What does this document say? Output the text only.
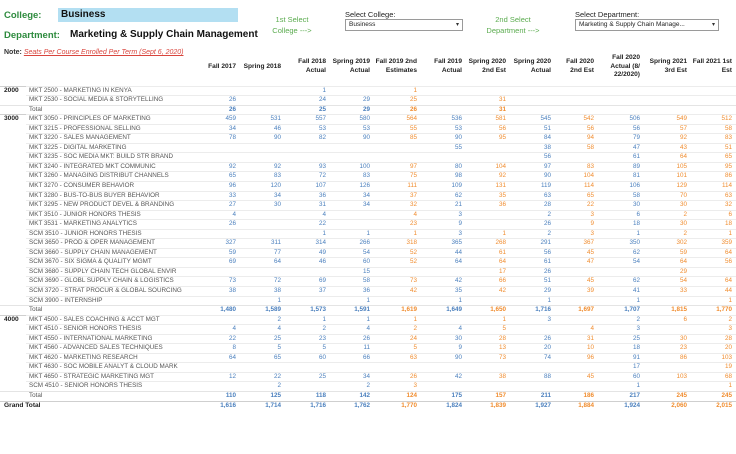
College:	Business
Department: Marketing & Supply Chain Management
1st Select
College --->
Select College:
Business	▾
2nd Select
Department --->
Select Department:
Marketing & Supply Chain Manage...	▾
Note: Seats Per Course Enrolled Per Term (Sept 6, 2020)
		Fall 2017	Spring 2018	Fall 2018 Actual	Spring 2019 Actual	Fall 2019 2nd Estimates	Fall 2019 Actual	Spring 2020 2nd Est	Spring 2020 Actual	Fall 2020 2nd Est	Fall 2020 Actual (8/ 22/2020)	Spring 2021 3rd Est	Fall 2021 1st Est
2000	MKT 2500 - MARKETING IN KENYA			1		1							
	MKT 2530 - SOCIAL MEDIA & STORYTELLING	26		24	29	25		31					
	Total	26		25	29	26		31					
3000	MKT 3050 - PRINCIPLES OF MARKETING	459	531	557	580	564	536	581	545	542	506	549	512
	MKT 3215 - PROFESSIONAL SELLING	34	46	53	53	55	53	56	51	56	56	57	58
	MKT 3220 - SALES MANAGEMENT	78	90	82	90	85	90	95	84	94	79	92	83
	MKT 3225 - DIGITAL MARKETING						55		38	58	47	43	51
	MKT 3235 - SOC MEDIA MKT: BUILD STR BRAND								56		61	64	65
	MKT 3240 - INTEGRATED MKT COMMUNIC	92	92	93	100	97	80	104	97	83	89	105	95
	MKT 3260 - MANAGING DISTRIBUT CHANNELS	65	83	72	83	75	98	92	90	104	81	101	86
	MKT 3270 - CONSUMER BEHAVIOR	96	120	107	126	111	109	131	119	114	106	129	114
	MKT 3280 - BUS-TO-BUS BUYER BEHAVIOR	33	34	36	34	37	62	35	63	65	58	70	63
	MKT 3295 - NEW PRODUCT DEVEL & BRANDING	27	30	31	34	32	21	36	28	22	30	30	32
	MKT 3510 - JUNIOR HONORS THESIS	4		4		4	3		2	3	6	2	6
	MKT 3531 - MARKETING ANALYTICS	26		22		23	9		26	9	18	30	18
	SCM 3510 - JUNIOR HONORS THESIS			1	1	1	3	1	2	3	1	2	1
	SCM 3650 - PROD & OPER MANAGEMENT	327	311	314	266	318	365	268	291	367	350	302	359
	SCM 3660 - SUPPLY CHAIN MANAGEMENT	59	77	49	54	52	44	61	56	45	62	59	64
	SCM 3670 - SIX SIGMA & QUALITY MGMT	69	64	46	60	52	64	64	61	47	54	64	56
	SCM 3680 - SUPPLY CHAIN TECH GLOBAL ENVIR				15			17	26			29	
	SCM 3690 - GLOBL SUPPLY CHAIN & LOGISTICS	73	72	69	58	73	42	66	51	45	62	54	64
	SCM 3720 - STRAT PROCUR & GLOBAL SOURCING	38	38	37	36	42	35	42	29	39	41	33	44
	SCM 3900 - INTERNSHIP		1		1		1		1		1		1
	Total	1,480	1,589	1,573	1,591	1,619	1,649	1,650	1,716	1,697	1,707	1,815	1,770
4000	MKT 4500 - SALES COACHING & ACCT MGT		2	1	1	1		1	3		2	6	2
	MKT 4510 - SENIOR HONORS THESIS	4	4	2	4	2	4	5		4	3		3
	MKT 4550 - INTERNATIONAL MARKETING	22	25	23	26	24	30	28	26	31	25	30	28
	MKT 4560 - ADVANCED SALES TECHNIQUES	8	5	5	11	5	9	13	20	10	18	23	20
	MKT 4620 - MARKETING RESEARCH	64	65	60	66	63	90	73	74	96	91	86	103
	MKT 4630 - SOC MOBILE ANALYT & CLOUD MARK										17		19
	MKT 4650 - STRATEGIC MARKETING MGT	12	22	25	34	26	42	38	88	45	60	103	68
	SCM 4510 - SENIOR HONORS THESIS		2		2	3					1		1
	Total	110	125	118	142	124	175	157	211	186	217	245	245
Grand Total		1,616	1,714	1,716	1,762	1,770	1,824	1,839	1,927	1,884	1,924	2,060	2,015
